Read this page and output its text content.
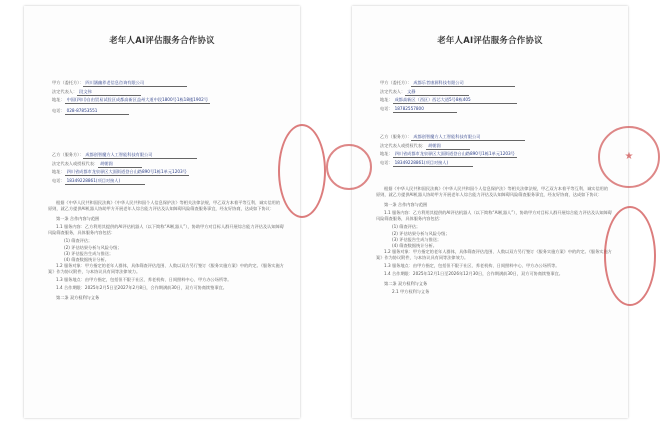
老年人AI评估服务合作协议
甲方（委托方）： 四川涵幽养老信息咨询有限公司
法定代表人： 段文伟
地址： 中国(四川)自由贸易试验区成都高新区益州大道中段1800号1栋18楼1902号
电话： 028-87853551
乙方（服务方）： 成都创智魔方人工智能科技有限公司
法定代表人或授权代表： 胡朝润
地址： 四川省成都市龙泉驿区大面街道登台山路890号1栋1单元1203号
电话： 18349228861(项目对接人)

根据《中华人民共和国民法典》《中华人民共和国个人信息保护法》等相关法律法规，甲乙双方本着平等互利、诚实信用的原则，就乙方提供AI机器人协助甲方开展老年人综合能力评估及认知障碍风险筛查服务事宜，经友好协商，达成如下协议：

第一条 合作内容与范围

1.1 服务内容：乙方利用其提供的AI评估机器人（以下简称“AI机器人”），协助甲方对目标人群开展综合能力评估及认知障碍风险筛查服务，具体服务内容包括：

(1) 筛查评估；
(2) 评估结果分析与风险分级；
(3) 评估报告生成与推送；
(4) 筛查数据统计分析。

1.2 服务对象：甲方指定的老年人群体，具体筛查评估范围、人数以双方另行签订《服务实施方案》中的约定。《服务实施方案》作为协议附件，与本协议具有同等法律效力。

1.3 服务地点：由甲方指定，包括但不限于社区、养老机构、日间照料中心、甲方办公场所等。

1.4 合作期限：2025年2月5日至2027年2月8日，合作期满前30日，双方可协商续签事宜。

第二条 双方权利与义务
老年人AI评估服务合作协议
甲方（委托方）： 成都乐者康源科技有限公司
法定代表人： 文静
地址： 成都高新区（西区）西芯大道5号8栋405
电话： 18782557800
乙方（服务方）： 成都创智魔方人工智能科技有限公司
法定代表人或授权代表： 胡朝润
地址： 四川省成都市龙泉驿区大面街道登台山路890号1栋1单元1203号
电话： 18349228861(项目对接人)

根据《中华人民共和国民法典》《中华人民共和国个人信息保护法》等相关法律法规，甲乙双方本着平等互利、诚实信用的原则，就乙方提供AI机器人协助甲方开展老年人综合能力评估及认知障碍风险筛查服务事宜，经友好协商，达成如下协议：

第一条 合作内容与范围

1.1 服务内容：乙方利用其提供的AI评估机器人（以下简称“AI机器人”），协助甲方对目标人群开展综合能力评估及认知障碍风险筛查服务，具体服务内容包括：

(1) 筛查评估；
(2) 评估结果分析与风险分级；
(3) 评估报告生成与推送；
(4) 筛查数据统计分析。

1.2 服务对象：甲方指定的老年人群体，具体筛查评估范围、人数以双方另行签订《服务实施方案》中的约定。《服务实施方案》作为协议附件，与本协议具有同等法律效力。

1.3 服务地点：由甲方指定，包括但不限于社区、养老机构、日间照料中心、甲方办公场所等。

1.4 合作期限：2025年12月1日至2026年12月30日，合作期满前30日，双方可协商续签事宜。

第二条 双方权利与义务
2.1 甲方权利与义务
★
